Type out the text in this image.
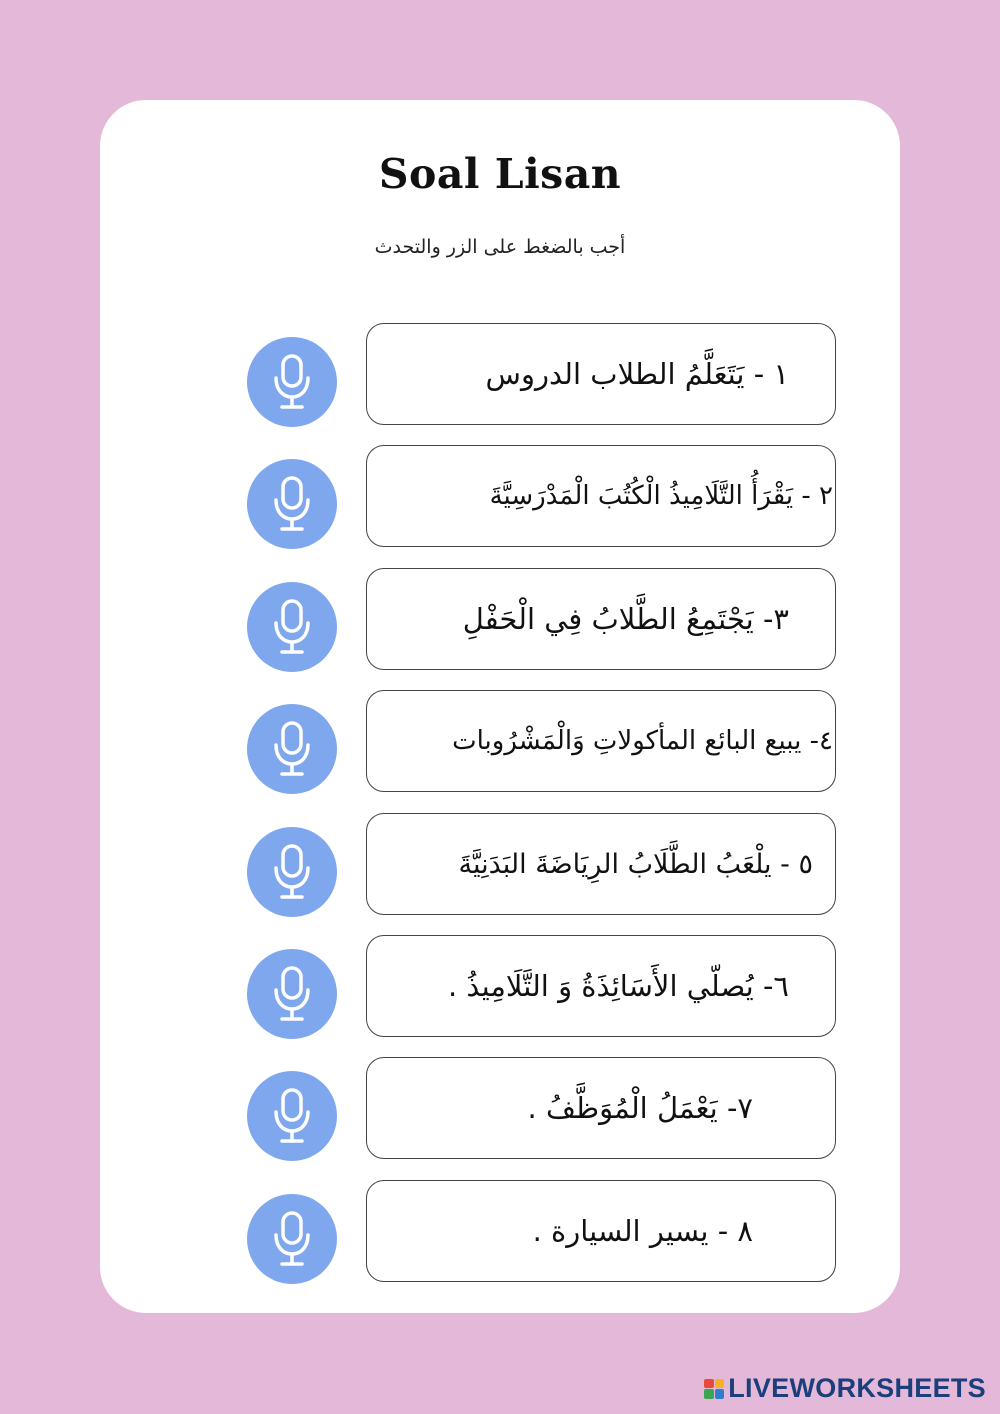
Soal Lisan

أجب بالضغط على الزر والتحدث

١ - يَتَعَلَّمُ الطلاب الدروس
٢ - يَقْرَأُ التَّلَامِيذُ الْكُتُبَ الْمَدْرَسِيَّةَ
٣- يَجْتَمِعُ الطَّلابُ فِي الْحَفْلِ
٤- يبيع البائع المأكولاتِ وَالْمَشْرُوبات
٥ - يلْعَبُ الطَّلَابُ الرِيَاضَةَ البَدَنِيَّةَ
٦- يُصلّي الأَسَائِذَةُ وَ التَّلَامِيذُ .
٧- يَعْمَلُ الْمُوَظَّفُ .
٨ - يسير السيارة .
LIVEWORKSHEETS
